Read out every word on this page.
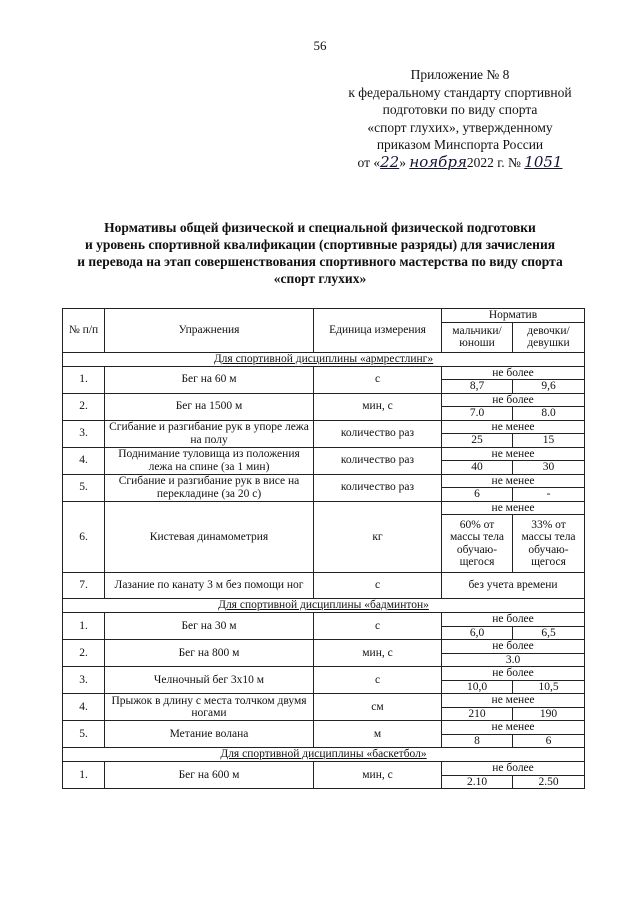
56
Приложение № 8
к федеральному стандарту спортивной
подготовки по виду спорта
«спорт глухих», утвержденному
приказом Минспорта России
от «22» ноября2022 г. № 1051
Нормативы общей физической и специальной физической подготовки
и уровень спортивной квалификации (спортивные разряды) для зачисления
и перевода на этап совершенствования спортивного мастерства по виду спорта
«спорт глухих»
№ п/п	Упражнения	Единица измерения	Норматив	
			мальчики/ юноши	девочки/ девушки
Для спортивной дисциплины «армрестлинг»				
1.	Бег на 60 м	с	не более	
			8,7	9,6
2.	Бег на 1500 м	мин, с	не более	
			7.0	8.0
3.	Сгибание и разгибание рук в упоре лежа на полу	количество раз	не менее	
			25	15
4.	Поднимание туловища из положения лежа на спине (за 1 мин)	количество раз	не менее	
			40	30
5.	Сгибание и разгибание рук в висе на перекладине (за 20 с)	количество раз	не менее	
			6	-
6.	Кистевая динамометрия	кг	не менее	
			60% от массы тела обучаю-щегося	33% от массы тела обучаю-щегося
7.	Лазание по канату 3 м без помощи ног	с	без учета времени	
Для спортивной дисциплины «бадминтон»				
1.	Бег на 30 м	с	не более	
			6,0	6,5
2.	Бег на 800 м	мин, с	не более	
			3.0	
3.	Челночный бег 3х10 м	с	не более	
			10,0	10,5
4.	Прыжок в длину с места толчком двумя ногами	см	не менее	
			210	190
5.	Метание волана	м	не менее	
			8	6
Для спортивной дисциплины «баскетбол»				
1.	Бег на 600 м	мин, с	не более	
			2.10	2.50
